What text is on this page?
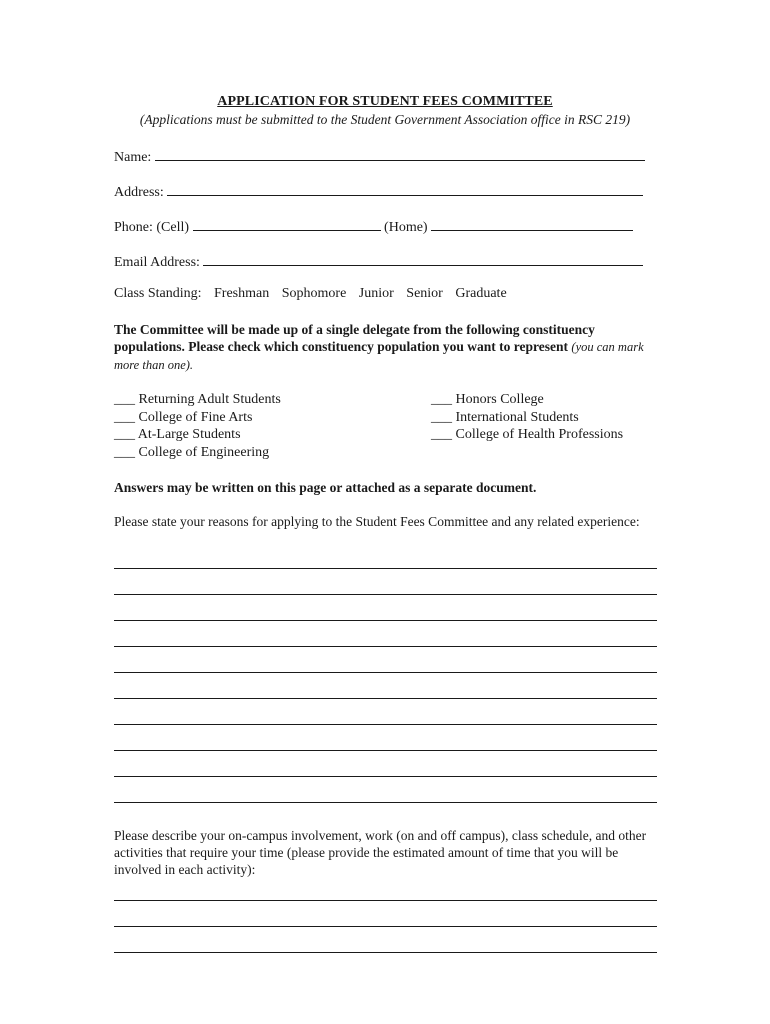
APPLICATION FOR STUDENT FEES COMMITTEE
(Applications must be submitted to the Student Government Association office in RSC 219)
Name:
Address:
Phone: (Cell)	(Home)
Email Address:
Class Standing: Freshman Sophomore Junior Senior Graduate
The Committee will be made up of a single delegate from the following constituency populations. Please check which constituency population you want to represent (you can mark more than one).
___ Returning Adult Students
___ College of Fine Arts
___ At-Large Students
___ College of Engineering
___ Honors College
___ International Students
___ College of Health Professions
Answers may be written on this page or attached as a separate document.
Please state your reasons for applying to the Student Fees Committee and any related experience:
Please describe your on-campus involvement, work (on and off campus), class schedule, and other activities that require your time (please provide the estimated amount of time that you will be involved in each activity):
